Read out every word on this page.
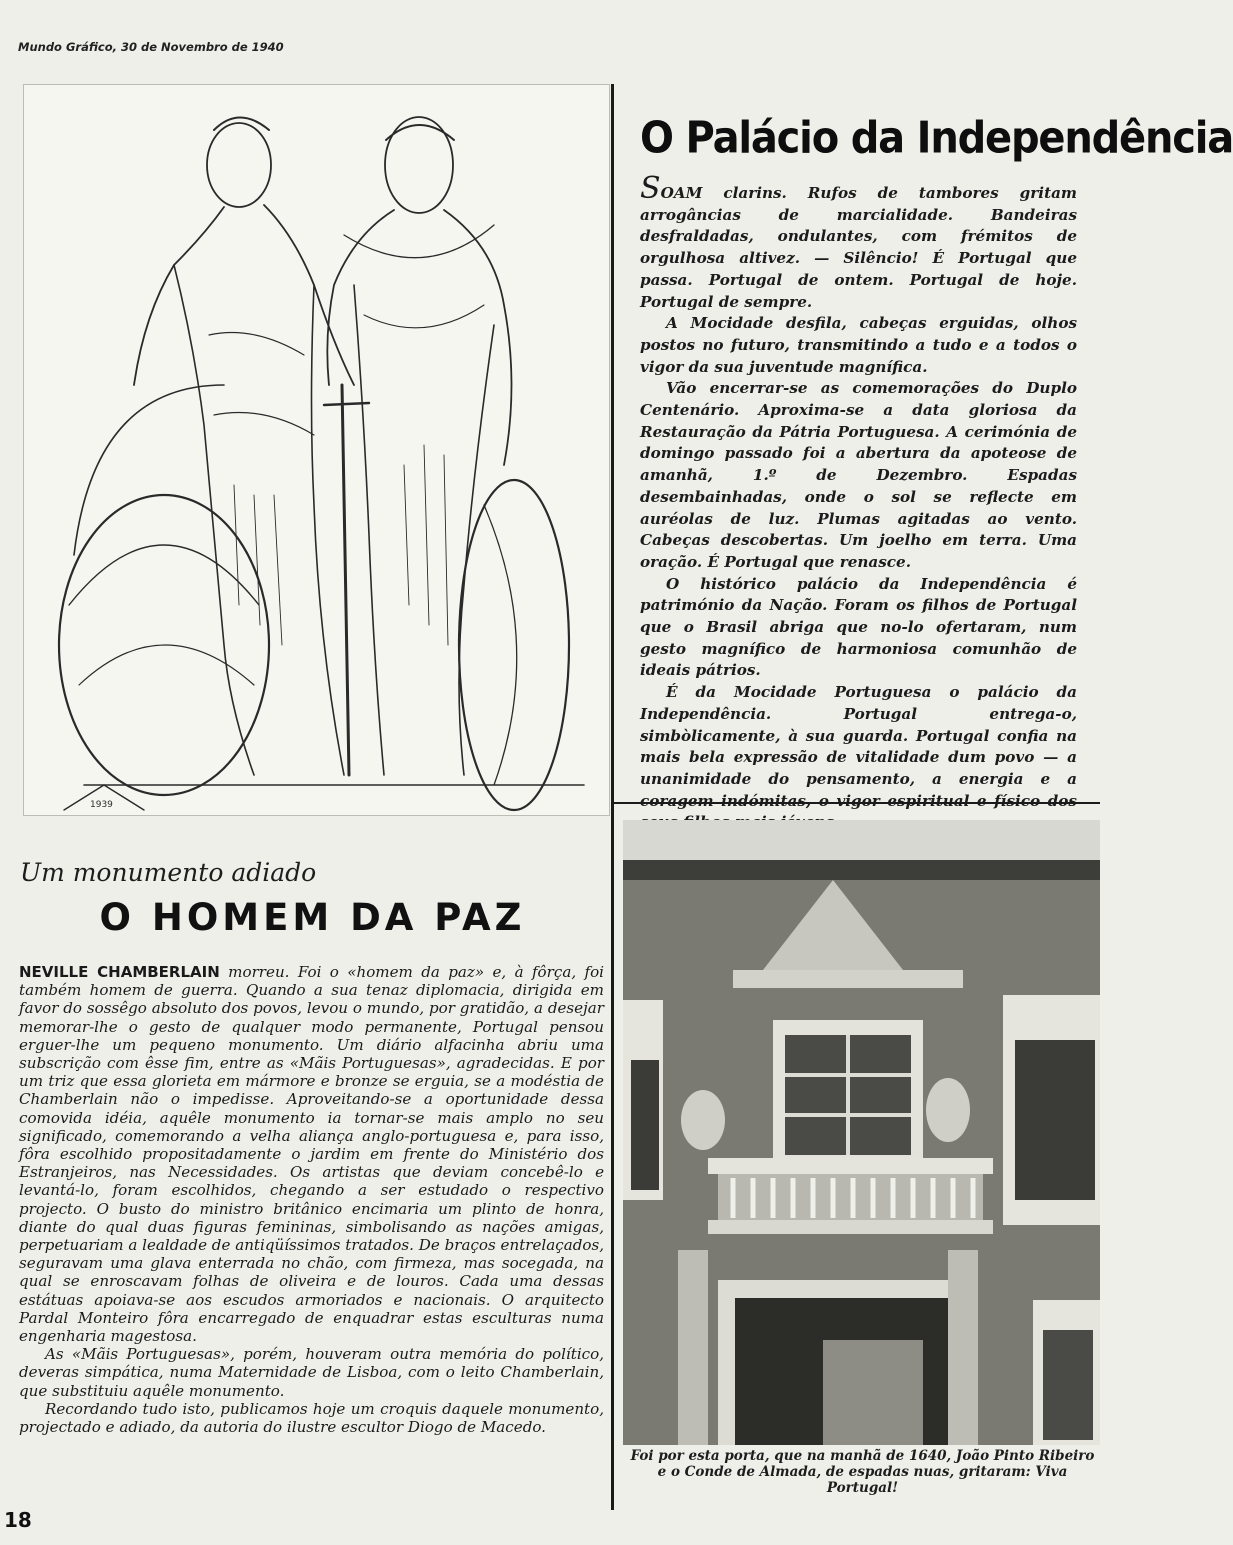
Mundo Gráfico, 30 de Novembro de 1940
1939
O Palácio da Independência

SOAM clarins. Rufos de tambores gritam arrogâncias de marcialidade. Bandeiras desfraldadas, ondulantes, com frémitos de orgulhosa altivez. — Silêncio! É Portugal que passa. Portugal de ontem. Portugal de hoje. Portugal de sempre.

A Mocidade desfila, cabeças erguidas, olhos postos no futuro, transmitindo a tudo e a todos o vigor da sua juventude magnífica.

Vão encerrar-se as comemorações do Duplo Centenário. Aproxima-se a data gloriosa da Restauração da Pátria Portuguesa. A cerimónia de domingo passado foi a abertura da apoteose de amanhã, 1.º de Dezembro. Espadas desembainhadas, onde o sol se reflecte em auréolas de luz. Plumas agitadas ao vento. Cabeças descobertas. Um joelho em terra. Uma oração. É Portugal que renasce.

O histórico palácio da Independência é património da Nação. Foram os filhos de Portugal que o Brasil abriga que no-lo ofertaram, num gesto magnífico de harmoniosa comunhão de ideais pátrios.

É da Mocidade Portuguesa o palácio da Independência. Portugal entrega-o, simbòlicamente, à sua guarda. Portugal confia na mais bela expressão de vitalidade dum povo — a unanimidade do pensamento, a energia e a coragem indómitas, o vigor espiritual e físico dos

Foi por esta porta, que na manhã de 1640, João Pinto Ribeiro e o Conde de Almada, de espadas nuas, gritaram: Viva Portugal!
Um monumento adiado
O HOMEM DA PAZ

NEVILLE CHAMBERLAIN morreu. Foi o «homem da paz» e, à fôrça, foi também homem de guerra. Quando a sua tenaz diplomacia, dirigida em favor do sossêgo absoluto dos povos, levou o mundo, por gratidão, a desejar memorar-lhe o gesto de qualquer modo permanente, Portugal pensou erguer-lhe um pequeno monumento. Um diário alfacinha abriu uma subscrição com êsse fim, entre as «Mãis Portuguesas», agradecidas. E por um triz que essa glorieta em mármore e bronze se erguia, se a modéstia de Chamberlain não o impedisse. Aproveitando-se a oportunidade dessa comovida idéia, aquêle monumento ia tornar-se mais amplo no seu significado, comemorando a velha aliança anglo-portuguesa e, para isso, fôra escolhido propositadamente o jardim em frente do Ministério dos Estranjeiros, nas Necessidades. Os artistas que deviam concebê-lo e levantá-lo, foram escolhidos, chegando a ser estudado o respectivo projecto. O busto do ministro britânico encimaria um plinto de honra, diante do qual duas figuras femininas, simbolisando as nações amigas, perpetuariam a lealdade de antiqüíssimos tratados. De braços entrelaçados, seguravam uma glava enterrada no chão, com firmeza, mas socegada, na qual se enroscavam folhas de oliveira e de louros. Cada uma dessas estátuas apoiava-se aos escudos armoriados e nacionais. O arquitecto Pardal Monteiro fôra encarregado de enquadrar estas esculturas numa engenharia magestosa.

As «Mãis Portuguesas», porém, houveram outra memória do político, deveras simpática, numa Maternidade de Lisboa, com o leito Chamberlain, que substituiu aquêle monumento.

Recordando tudo isto, publicamos hoje um croquis daquele monumento, projectado e adiado, da autoria do ilustre escultor Diogo de Macedo.

18
